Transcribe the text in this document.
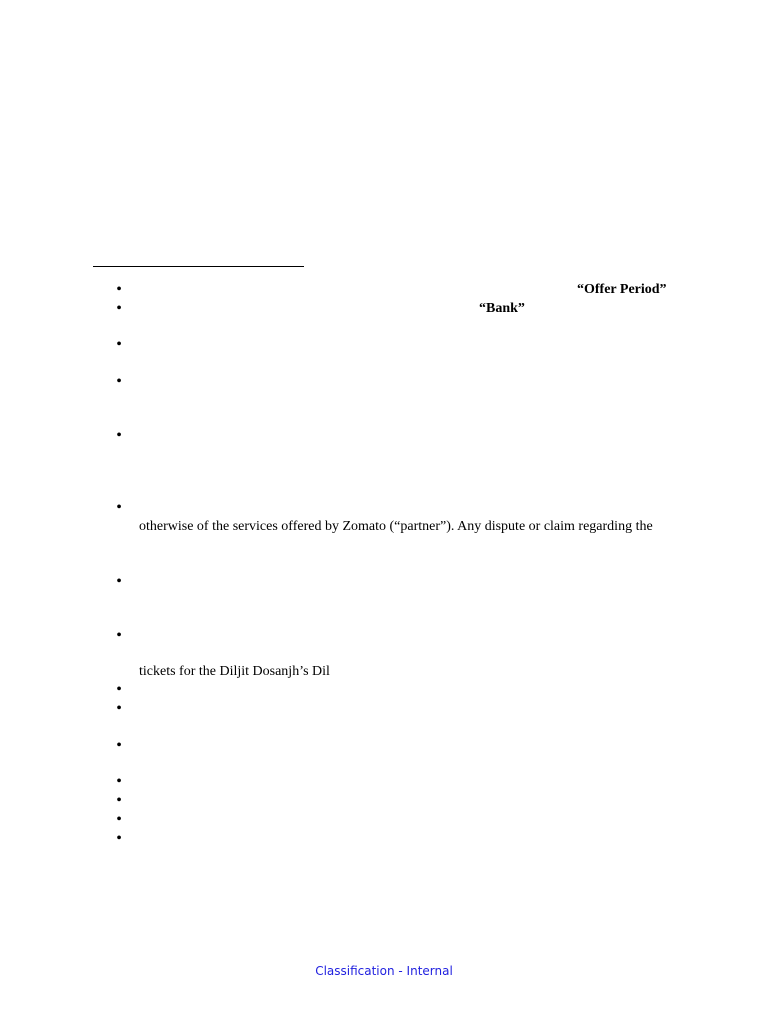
•
•
•
•
•
•
•
•
•
•
•
•
•
•
•
“Offer Period”
“Bank”
otherwise of the services offered by Zomato (“partner”). Any dispute or claim regarding the
tickets for the Diljit Dosanjh’s Dil
Classification - Internal
